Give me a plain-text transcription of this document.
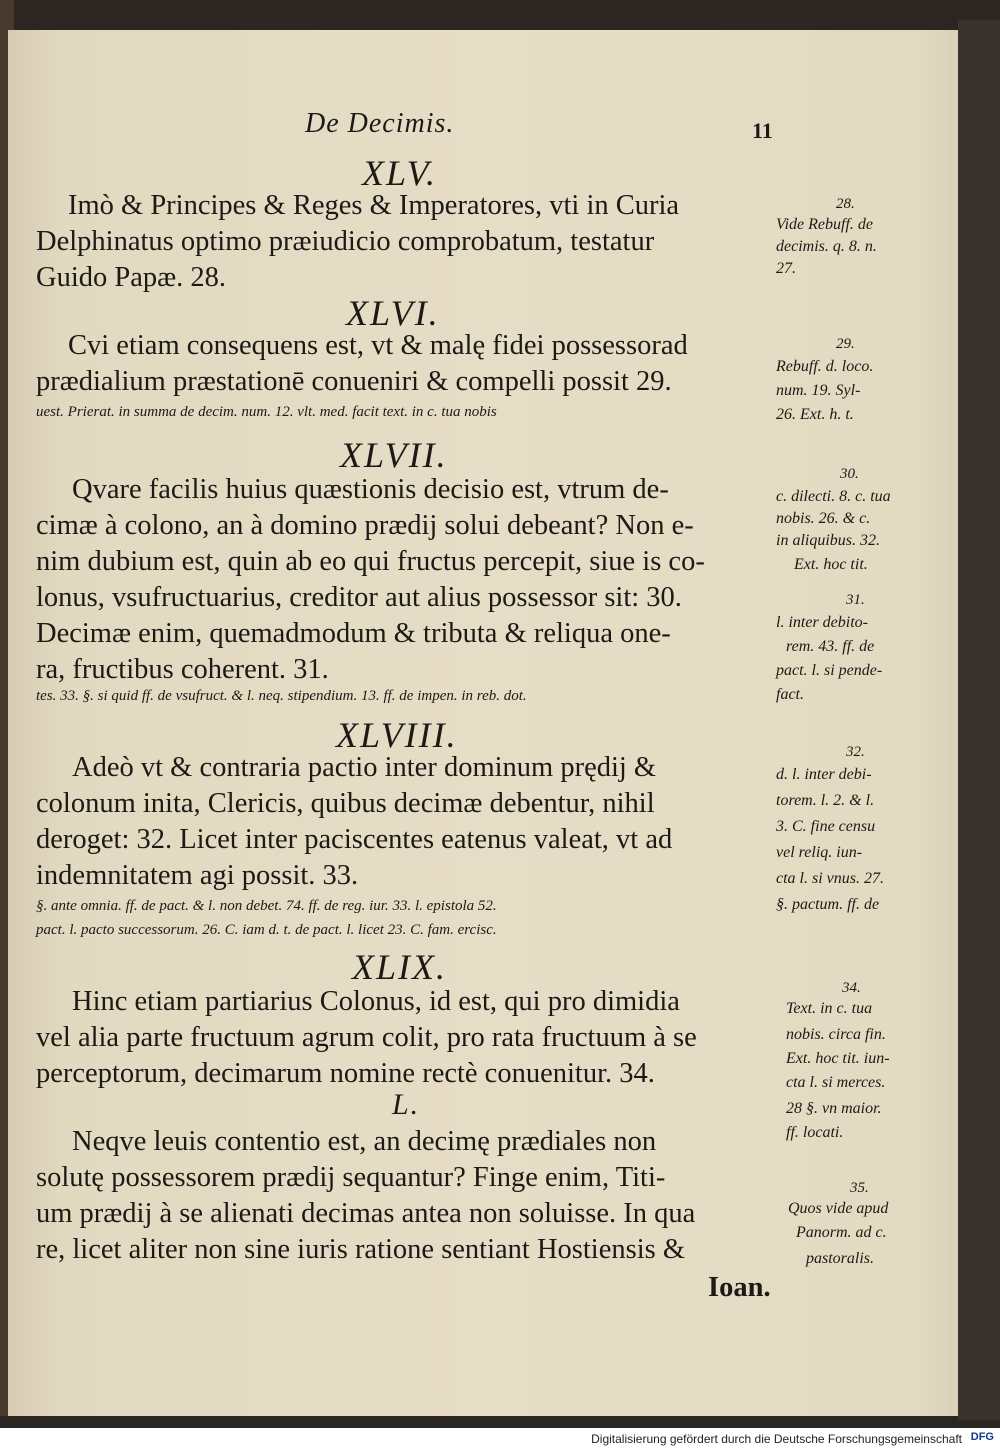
De Decimis.	11
XLV.
Imò & Principes & Reges & Imperatores, vti in Curia
Delphinatus optimo præiudicio comprobatum, testatur
Guido Papæ. 28.
XLVI.
Cvi etiam consequens est, vt & malę fidei possessorad
prædialium præstationē conueniri & compelli possit 29.
uest. Prierat. in summa de decim. num. 12. vlt. med. facit text. in c. tua nobis
XLVII.
Qvare facilis huius quæstionis decisio est, vtrum de-
cimæ à colono, an à domino prædij solui debeant? Non e-
nim dubium est, quin ab eo qui fructus percepit, siue is co-
lonus, vsufructuarius, creditor aut alius possessor sit: 30.
Decimæ enim, quemadmodum & tributa & reliqua one-
ra, fructibus coherent. 31.
tes. 33. §. si quid ff. de vsufruct. & l. neq. stipendium. 13. ff. de impen. in reb. dot.
XLVIII.
Adeò vt & contraria pactio inter dominum prędij &
colonum inita, Clericis, quibus decimæ debentur, nihil
deroget: 32. Licet inter paciscentes eatenus valeat, vt ad
indemnitatem agi possit. 33.
§. ante omnia. ff. de pact. & l. non debet. 74. ff. de reg. iur. 33. l. epistola 52.
pact. l. pacto successorum. 26. C. iam d. t. de pact. l. licet 23. C. fam. ercisc.
XLIX.
Hinc etiam partiarius Colonus, id est, qui pro dimidia
vel alia parte fructuum agrum colit, pro rata fructuum à se
perceptorum, decimarum nomine rectè conuenitur. 34.
L.
Neqve leuis contentio est, an decimę prædiales non
solutę possessorem prædij sequantur? Finge enim, Titi-
um prædij à se alienati decimas antea non soluisse. In qua
re, licet aliter non sine iuris ratione sentiant Hostiensis &
Ioan.
28.
Vide Rebuff. de
decimis. q. 8. n.
27.
29.
Rebuff. d. loco.
num. 19. Syl-
26. Ext. h. t.
30.
c. dilecti. 8. c. tua
nobis. 26. & c.
in aliquibus. 32.
Ext. hoc tit.
31.
l. inter debito-
rem. 43. ff. de
pact. l. si pende-
fact.
32.
d. l. inter debi-
torem. l. 2. & l.
3. C. fine censu
vel reliq. iun-
cta l. si vnus. 27.
§. pactum. ff. de
34.
Text. in c. tua
nobis. circa fin.
Ext. hoc tit. iun-
cta l. si merces.
28 §. vn maior.
ff. locati.
35.
Quos vide apud
Panorm. ad c.
pastoralis.
Digitalisierung gefördert durch die Deutsche Forschungsgemeinschaft DFG
